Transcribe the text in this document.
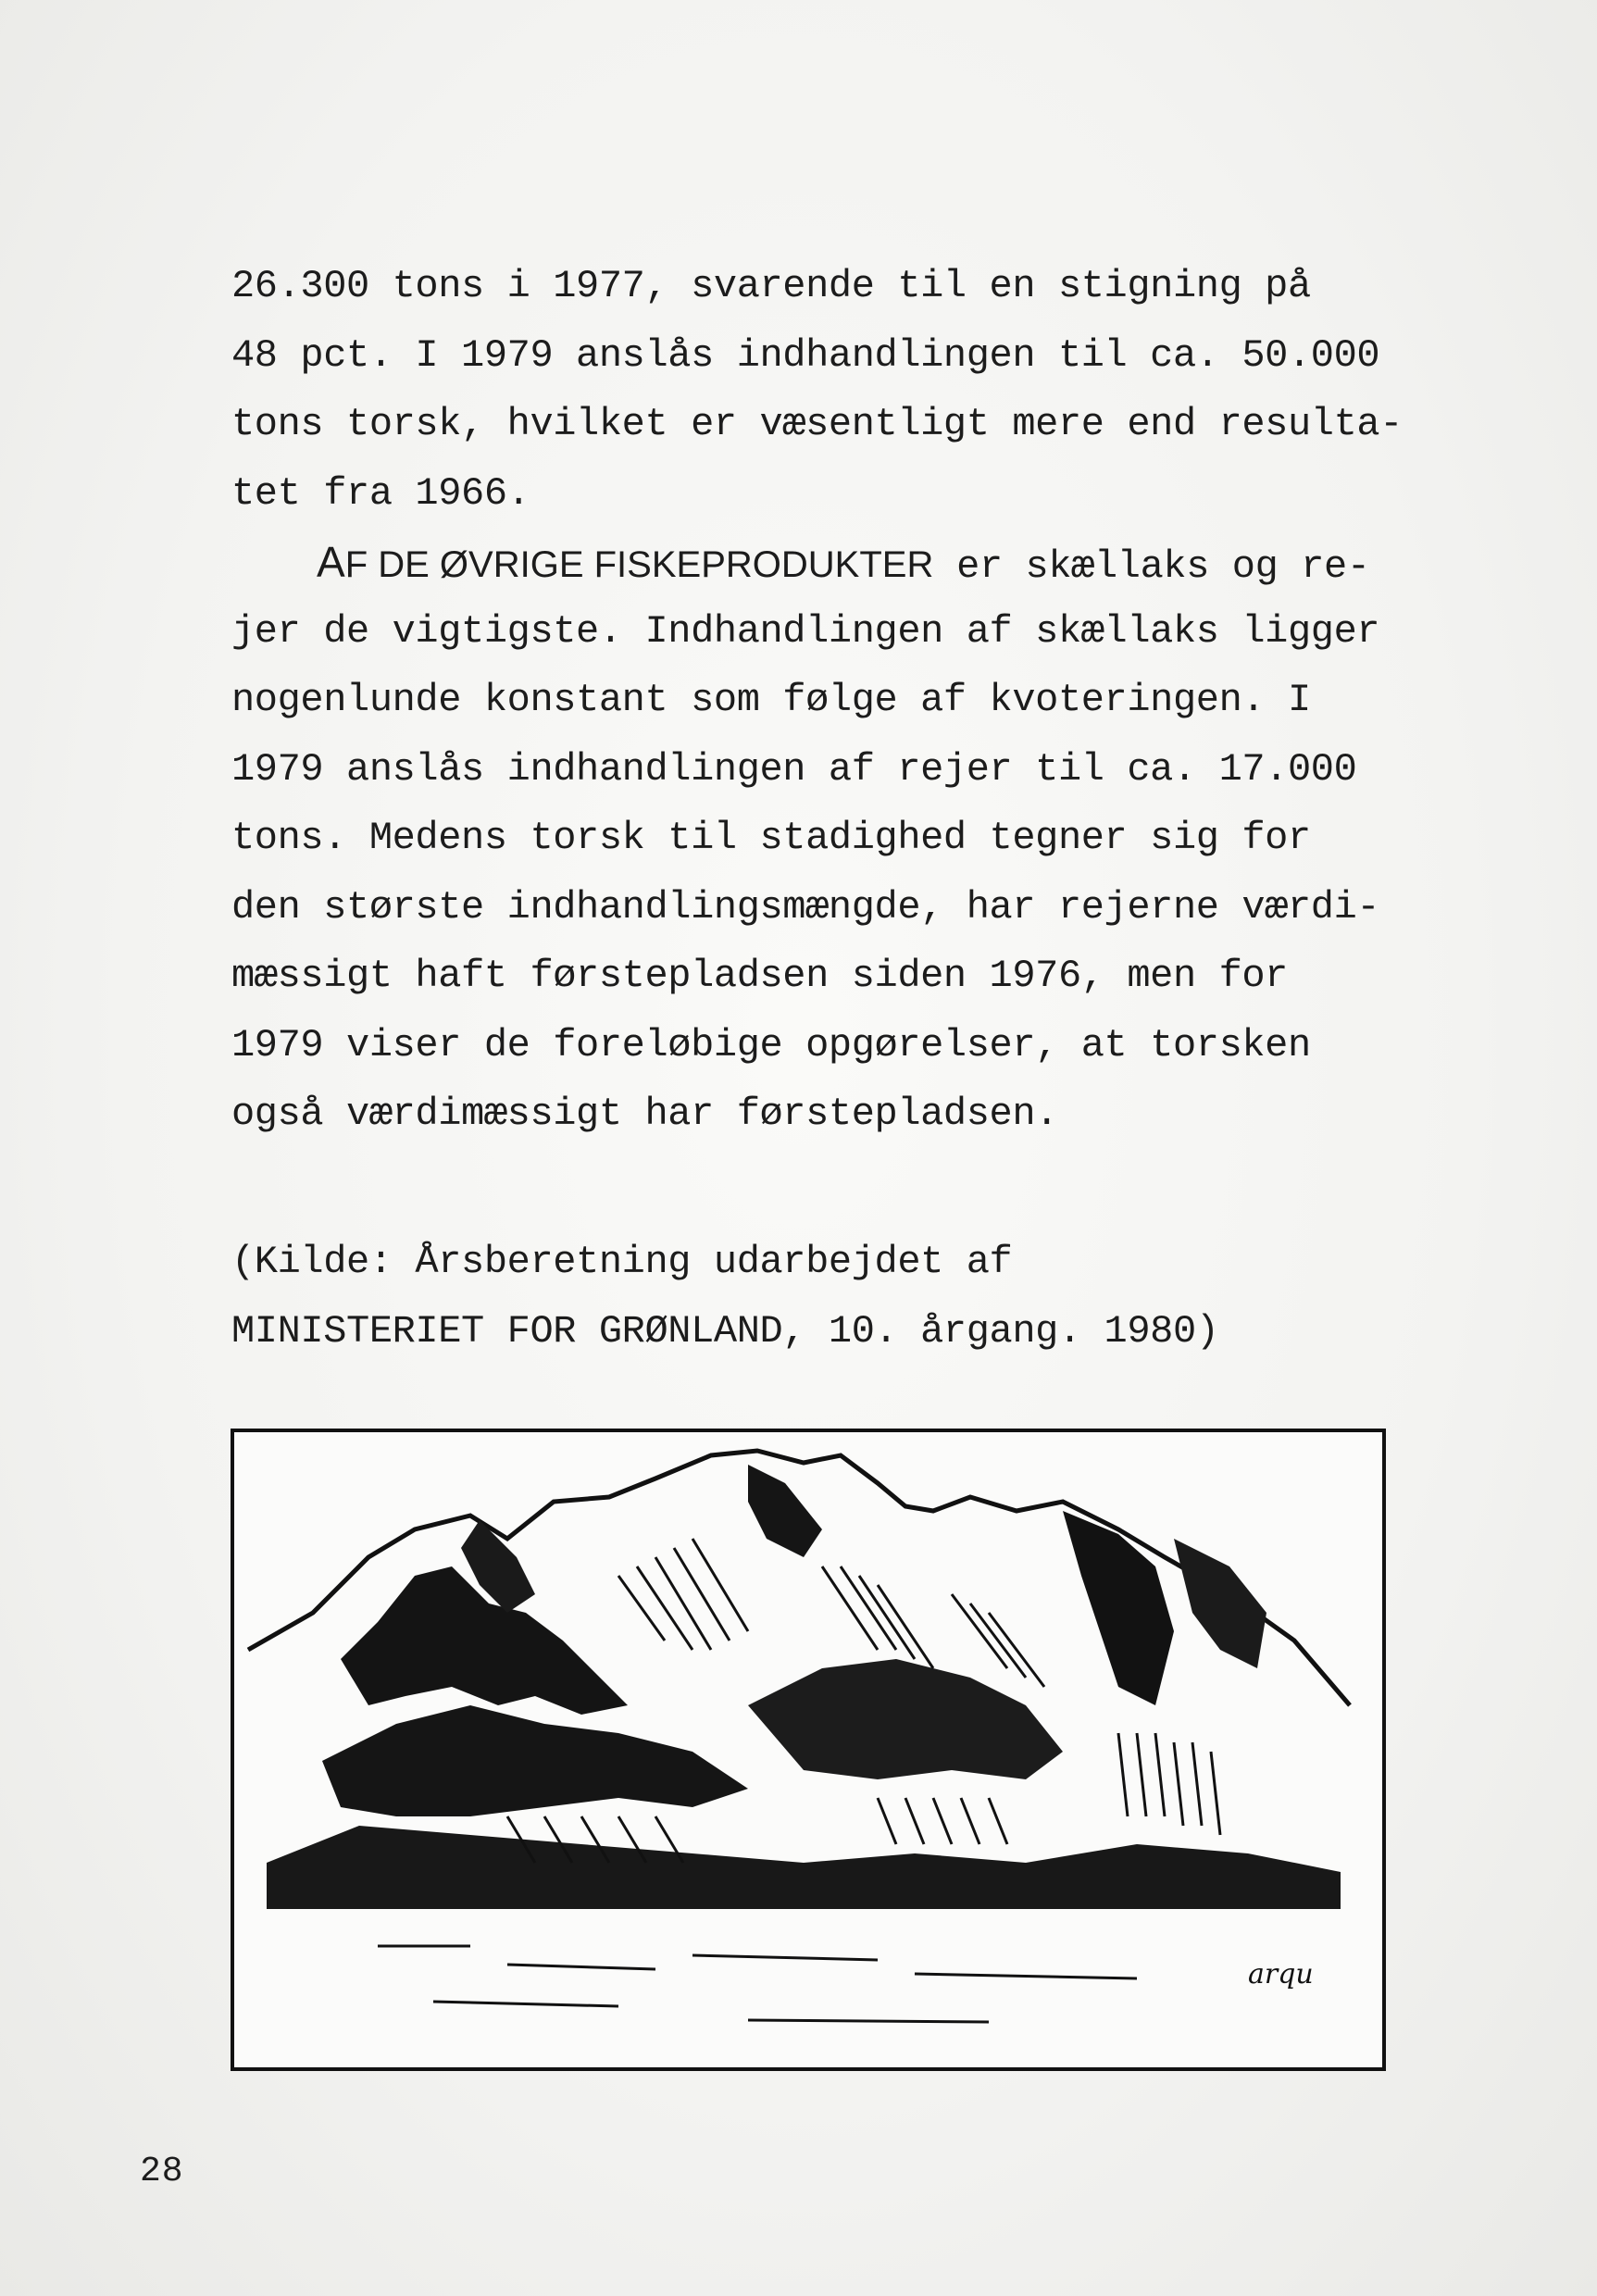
26.300 tons i 1977, svarende til en stigning på
48 pct. I 1979 anslås indhandlingen til ca. 50.000
tons torsk, hvilket er væsentligt mere end resulta-
tet fra 1966.
AF DE ØVRIGE FISKEPRODUKTER er skællaks og re-
jer de vigtigste. Indhandlingen af skællaks ligger
nogenlunde konstant som følge af kvoteringen. I
1979 anslås indhandlingen af rejer til ca. 17.000
tons. Medens torsk til stadighed tegner sig for
den største indhandlingsmængde, har rejerne værdi-
mæssigt haft førstepladsen siden 1976, men for
1979 viser de foreløbige opgørelser, at torsken
også værdimæssigt har førstepladsen.
(Kilde: Årsberetning udarbejdet af
MINISTERIET FOR GRØNLAND, 10. årgang. 1980)
arqu
28
